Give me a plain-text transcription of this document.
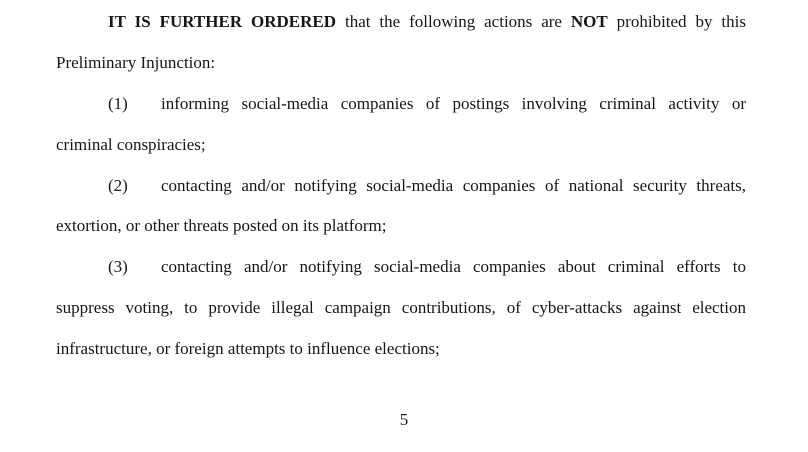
IT IS FURTHER ORDERED that the following actions are NOT prohibited by this
Preliminary Injunction:
(1)	informing social-media companies of postings involving criminal activity or
criminal conspiracies;
(2)	contacting and/or notifying social-media companies of national security threats,
extortion, or other threats posted on its platform;
(3)	contacting and/or notifying social-media companies about criminal efforts to
suppress voting, to provide illegal campaign contributions, of cyber-attacks against election
infrastructure, or foreign attempts to influence elections;
5
